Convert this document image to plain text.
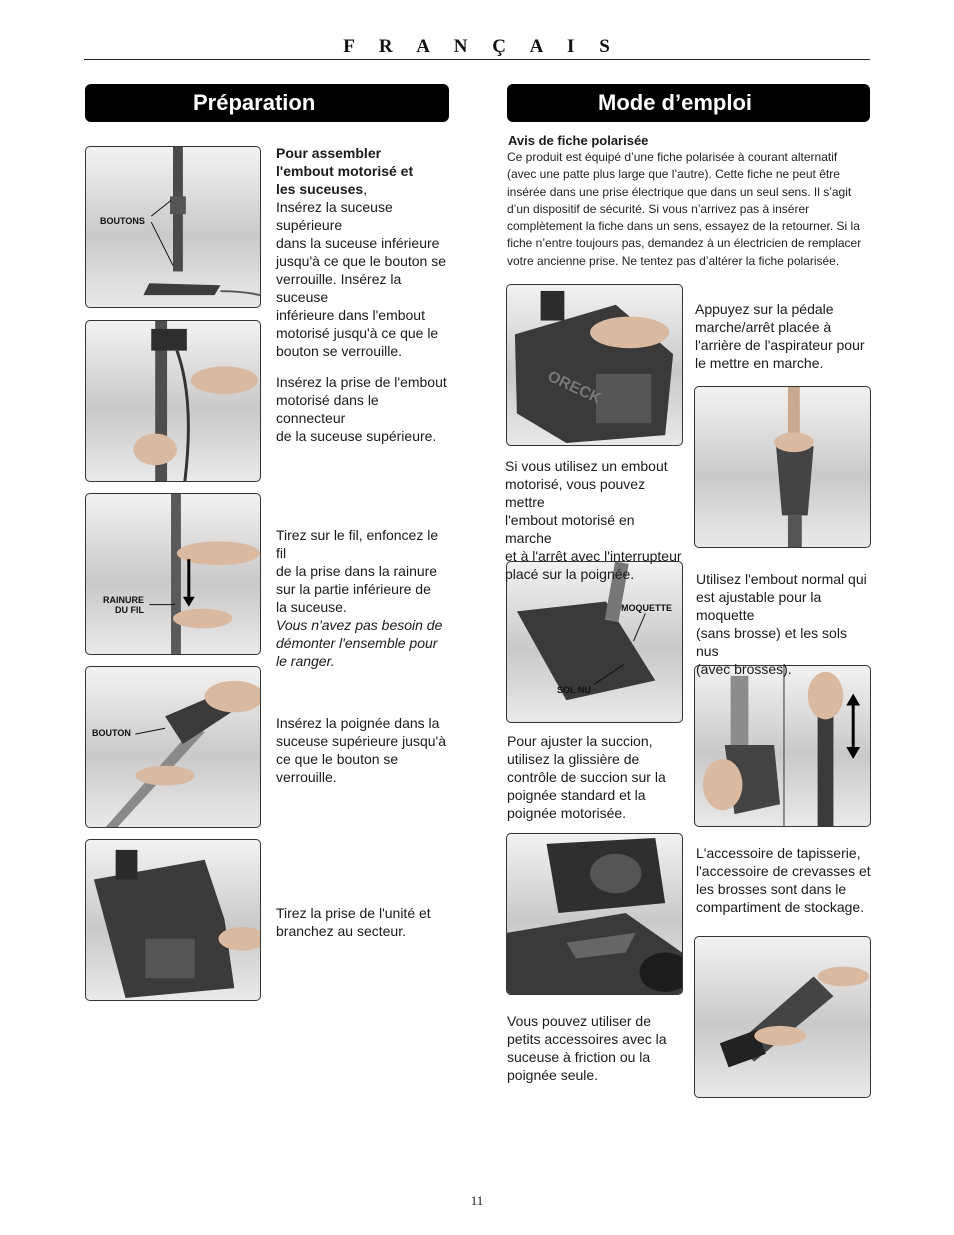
F R A N Ç A I S
Préparation	Mode d’emploi
BOUTONS
RAINURE
DU FIL
BOUTON
Pour assembler
l'embout motorisé et
les suceuses,
Insérez la suceuse supérieure
dans la suceuse inférieure
jusqu'à ce que le bouton se
verrouille. Insérez la suceuse
inférieure dans l'embout
motorisé jusqu'à ce que le
bouton se verrouille.
Insérez la prise de l'embout
motorisé dans le connecteur
de la suceuse supérieure.
Tirez sur le fil, enfoncez le fil
de la prise dans la rainure
sur la partie inférieure de
la suceuse.
Vous n'avez pas besoin de
démonter l'ensemble pour
le ranger.
Insérez la poignée dans la
suceuse supérieure jusqu'à
ce que le bouton se
verrouille.
Tirez la prise de l'unité et
branchez au secteur.
Avis de fiche polarisée
Ce produit est équipé d’une fiche polarisée à courant alternatif
(avec une patte plus large que l’autre). Cette fiche ne peut être
insérée dans une prise électrique que dans un seul sens. Il s’agit
d’un dispositif de sécurité. Si vous n’arrivez pas à insérer
complètement la fiche dans un sens, essayez de la retourner. Si la
fiche n’entre toujours pas, demandez à un électricien de remplacer
votre ancienne prise. Ne tentez pas d’altérer la fiche polarisée.
ORECK
MOQUETTE
SOL NU
Appuyez sur la pédale
marche/arrêt placée à
l'arrière de l'aspirateur pour
le mettre en marche.
Si vous utilisez un embout
motorisé, vous pouvez mettre
l'embout motorisé en marche
et à l'arrêt avec l'interrupteur
placé sur la poignée.	Utilisez l'embout normal qui
est ajustable pour la moquette
(sans brosse) et les sols nus
(avec brosses).
Pour ajuster la succion,
utilisez la glissière de
contrôle de succion sur la
poignée standard et la
poignée motorisée.
L'accessoire de tapisserie,
l'accessoire de crevasses et
les brosses sont dans le
compartiment de stockage.
Vous pouvez utiliser de
petits accessoires avec la
suceuse à friction ou la
poignée seule.
11
